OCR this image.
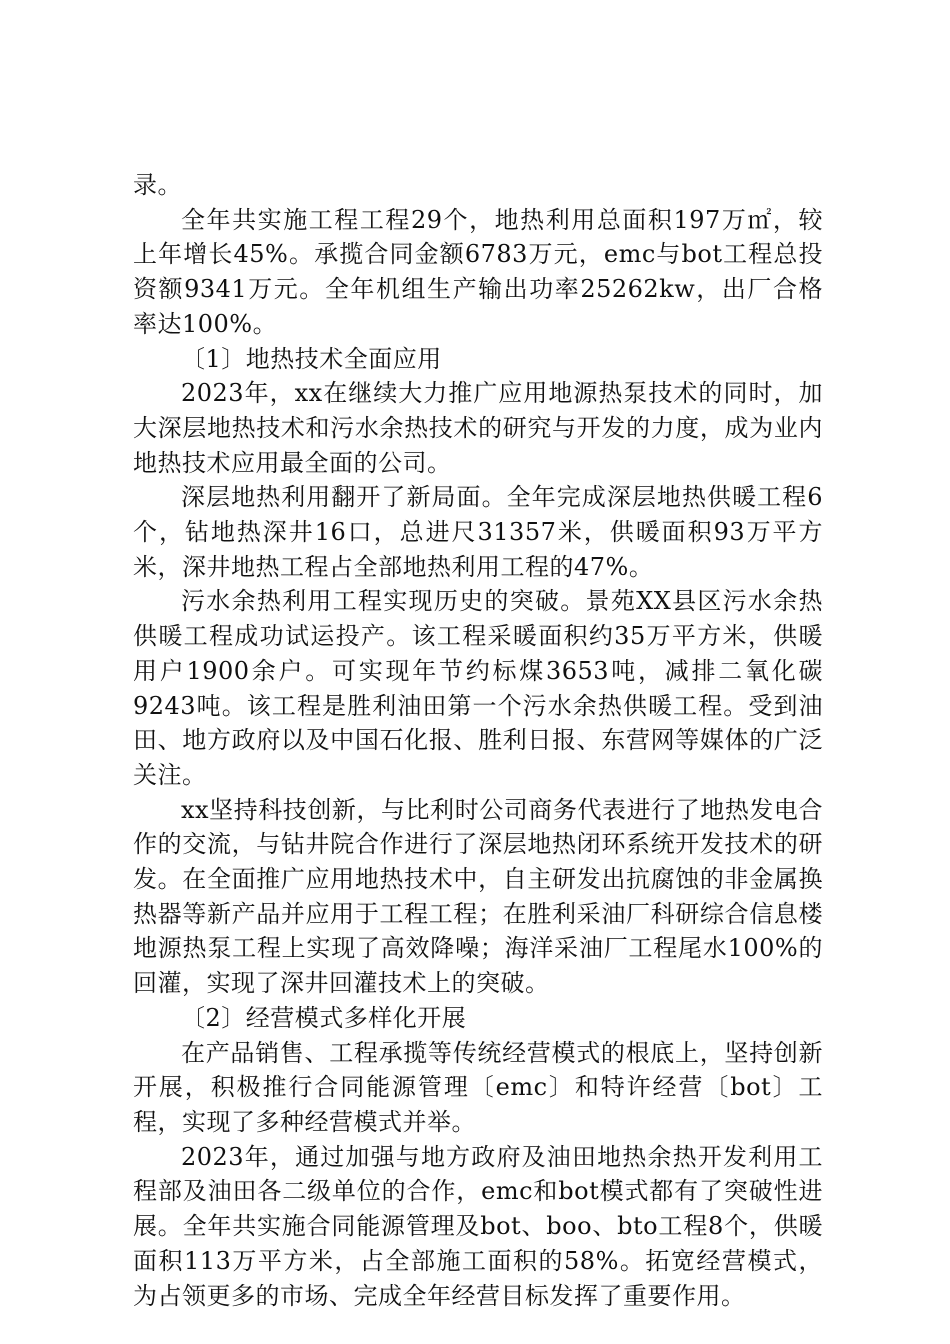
录。

全年共实施工程工程29个，地热利用总面积197万㎡，较上年增长45%。承揽合同金额6783万元，emc与bot工程总投资额9341万元。全年机组生产输出功率25262kw，出厂合格率达100%。

〔1〕地热技术全面应用

2023年，xx在继续大力推广应用地源热泵技术的同时，加大深层地热技术和污水余热技术的研究与开发的力度，成为业内地热技术应用最全面的公司。

深层地热利用翻开了新局面。全年完成深层地热供暖工程6个，钻地热深井16口，总进尺31357米，供暖面积93万平方米，深井地热工程占全部地热利用工程的47%。

污水余热利用工程实现历史的突破。景苑XX县区污水余热供暖工程成功试运投产。该工程采暖面积约35万平方米，供暖用户1900余户。可实现年节约标煤3653吨，减排二氧化碳9243吨。该工程是胜利油田第一个污水余热供暖工程。受到油田、地方政府以及中国石化报、胜利日报、东营网等媒体的广泛关注。

xx坚持科技创新，与比利时公司商务代表进行了地热发电合作的交流，与钻井院合作进行了深层地热闭环系统开发技术的研发。在全面推广应用地热技术中，自主研发出抗腐蚀的非金属换热器等新产品并应用于工程工程；在胜利采油厂科研综合信息楼地源热泵工程上实现了高效降噪；海洋采油厂工程尾水100%的回灌，实现了深井回灌技术上的突破。

〔2〕经营模式多样化开展

在产品销售、工程承揽等传统经营模式的根底上，坚持创新开展，积极推行合同能源管理〔emc〕和特许经营〔bot〕工程，实现了多种经营模式并举。

2023年，通过加强与地方政府及油田地热余热开发利用工程部及油田各二级单位的合作，emc和bot模式都有了突破性进展。全年共实施合同能源管理及bot、boo、bto工程8个，供暖面积113万平方米，占全部施工面积的58%。拓宽经营模式，为占领更多的市场、完成全年经营目标发挥了重要作用。
